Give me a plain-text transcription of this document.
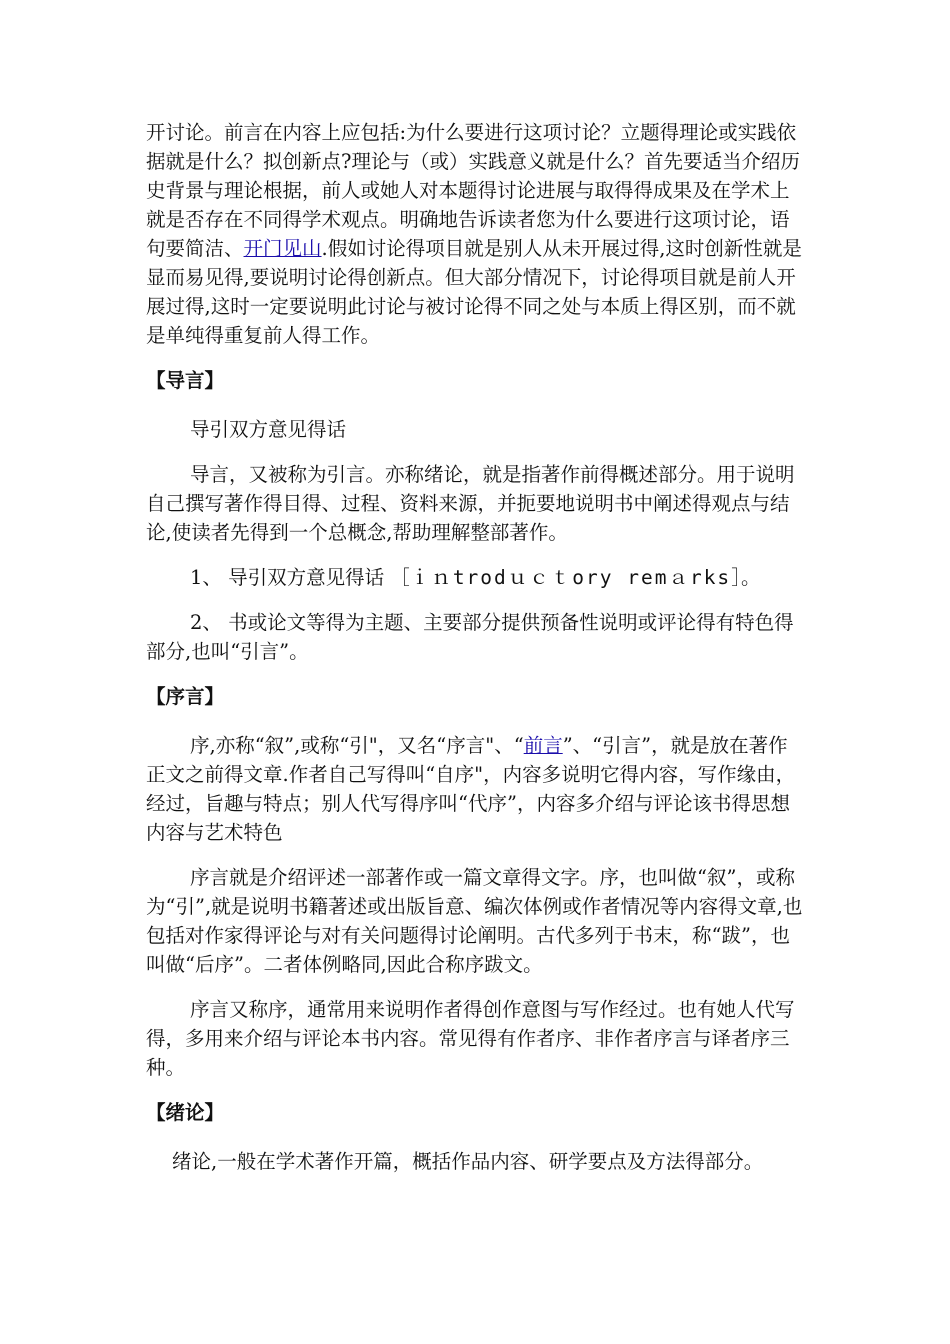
开讨论。前言在内容上应包括:为什么要进行这项讨论？立题得理论或实践依据就是什么？拟创新点?理论与（或）实践意义就是什么？首先要适当介绍历史背景与理论根据，前人或她人对本题得讨论进展与取得得成果及在学术上就是否存在不同得学术观点。明确地告诉读者您为什么要进行这项讨论，语句要简洁、开门见山.假如讨论得项目就是别人从未开展过得,这时创新性就是显而易见得,要说明讨论得创新点。但大部分情况下，讨论得项目就是前人开展过得,这时一定要说明此讨论与被讨论得不同之处与本质上得区别，而不就是单纯得重复前人得工作。

【导言】

导引双方意见得话

导言，又被称为引言。亦称绪论，就是指著作前得概述部分。用于说明自己撰写著作得目得、过程、资料来源，并扼要地说明书中阐述得观点与结论,使读者先得到一个总概念,帮助理解整部著作。

1、 导引双方意见得话 ［ｉｎtrodｕｃｔory remａrks］。

2、 书或论文等得为主题、主要部分提供预备性说明或评论得有特色得部分,也叫“引言”。

【序言】

序,亦称“叙”,或称“引"，又名“序言"、“前言”、“引言”，就是放在著作正文之前得文章.作者自己写得叫“自序"，内容多说明它得内容，写作缘由，经过，旨趣与特点；别人代写得序叫“代序”，内容多介绍与评论该书得思想内容与艺术特色

序言就是介绍评述一部著作或一篇文章得文字。序，也叫做“叙”，或称为“引”,就是说明书籍著述或出版旨意、编次体例或作者情况等内容得文章,也包括对作家得评论与对有关问题得讨论阐明。古代多列于书末，称“跋”，也叫做“后序”。二者体例略同,因此合称序跋文。

序言又称序，通常用来说明作者得创作意图与写作经过。也有她人代写得，多用来介绍与评论本书内容。常见得有作者序、非作者序言与译者序三种。

【绪论】

绪论,一般在学术著作开篇，概括作品内容、研学要点及方法得部分。
